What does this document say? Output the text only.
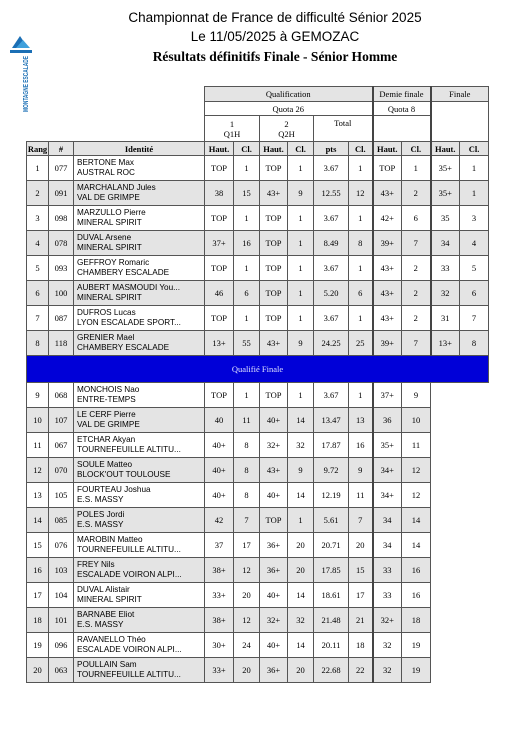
MONTAGNE ESCALADE
Championnat de France de difficulté Sénior 2025
Le 11/05/2025 à GEMOZAC
Résultats définitifs Finale - Sénior Homme
			Qualification						Demie finale		Finale	
			Quota 26						Quota 8			
			1
Q1H		2
Q2H		Total					
Rang	#	Identité	Haut.	Cl.	Haut.	Cl.	pts	Cl.	Haut.	Cl.	Haut.	Cl.
1	077	BERTONE Max
AUSTRAL ROC	TOP	1	TOP	1	3.67	1	TOP	1	35+	1
2	091	MARCHALAND Jules
VAL DE GRIMPE	38	15	43+	9	12.55	12	43+	2	35+	1
3	098	MARZULLO Pierre
MINERAL SPIRIT	TOP	1	TOP	1	3.67	1	42+	6	35	3
4	078	DUVAL Arsene
MINERAL SPIRIT	37+	16	TOP	1	8.49	8	39+	7	34	4
5	093	GEFFROY Romaric
CHAMBERY ESCALADE	TOP	1	TOP	1	3.67	1	43+	2	33	5
6	100	AUBERT MASMOUDI You...
MINERAL SPIRIT	46	6	TOP	1	5.20	6	43+	2	32	6
7	087	DUFROS Lucas
LYON ESCALADE SPORT...	TOP	1	TOP	1	3.67	1	43+	2	31	7
8	118	GRENIER Mael
CHAMBERY ESCALADE	13+	55	43+	9	24.25	25	39+	7	13+	8
Qualifié Finale												
9	068	MONCHOIS Nao
ENTRE-TEMPS	TOP	1	TOP	1	3.67	1	37+	9		
10	107	LE CERF Pierre
VAL DE GRIMPE	40	11	40+	14	13.47	13	36	10		
11	067	ETCHAR Akyan
TOURNEFEUILLE ALTITU...	40+	8	32+	32	17.87	16	35+	11		
12	070	SOULE Matteo
BLOCK'OUT TOULOUSE	40+	8	43+	9	9.72	9	34+	12		
13	105	FOURTEAU Joshua
E.S. MASSY	40+	8	40+	14	12.19	11	34+	12		
14	085	POLES Jordi
E.S. MASSY	42	7	TOP	1	5.61	7	34	14		
15	076	MAROBIN Matteo
TOURNEFEUILLE ALTITU...	37	17	36+	20	20.71	20	34	14		
16	103	FREY Nils
ESCALADE VOIRON ALPI...	38+	12	36+	20	17.85	15	33	16		
17	104	DUVAL Alistair
MINERAL SPIRIT	33+	20	40+	14	18.61	17	33	16		
18	101	BARNABE Eliot
E.S. MASSY	38+	12	32+	32	21.48	21	32+	18		
19	096	RAVANELLO Théo
ESCALADE VOIRON ALPI...	30+	24	40+	14	20.11	18	32	19		
20	063	POULLAIN Sam
TOURNEFEUILLE ALTITU...	33+	20	36+	20	22.68	22	32	19		
